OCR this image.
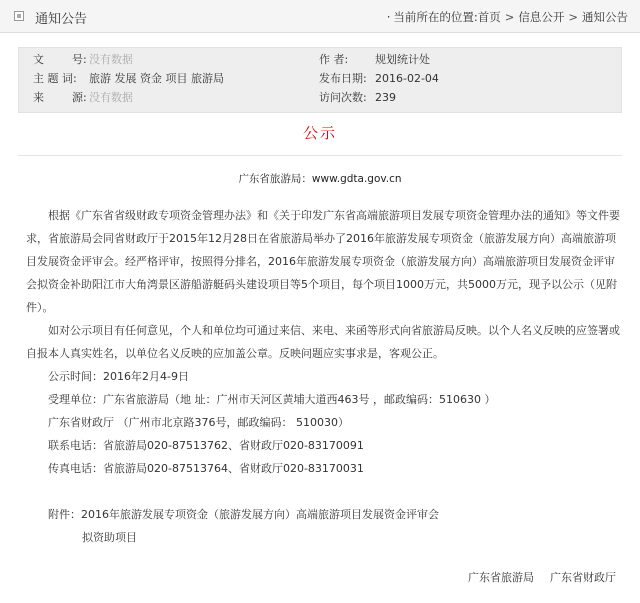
通知公告	· 当前所在的位置:首页 > 信息公开 > 通知公告
文        号: 没有数据	作 者: 规划统计处
主 题 词: 旅游 发展 资金 项目 旅游局	发布日期: 2016-02-04
来        源: 没有数据	访问次数: 239
公示
广东省旅游局：www.gdta.gov.cn

根据《广东省省级财政专项资金管理办法》和《关于印发广东省高端旅游项目发展专项资金管理办法的通知》等文件要求，省旅游局会同省财政厅于2015年12月28日在省旅游局举办了2016年旅游发展专项资金（旅游发展方向）高端旅游项目发展资金评审会。经严格评审，按照得分排名，2016年旅游发展专项资金（旅游发展方向）高端旅游项目发展资金评审会拟资金补助阳江市大角湾景区游船游艇码头建设项目等5个项目，每个项目1000万元，共5000万元，现予以公示（见附件）。

如对公示项目有任何意见，个人和单位均可通过来信、来电、来函等形式向省旅游局反映。以个人名义反映的应签署或自报本人真实姓名，以单位名义反映的应加盖公章。反映问题应实事求是，客观公正。

公示时间：2016年2月4-9日
受理单位：广东省旅游局（地 址：广州市天河区黄埔大道西463号 ，邮政编码：510630 ）
广东省财政厅 （广州市北京路376号，邮政编码： 510030）
联系电话：省旅游局020-87513762、省财政厅020-83170091
传真电话：省旅游局020-87513764、省财政厅020-83170031
附件：2016年旅游发展专项资金（旅游发展方向）高端旅游项目发展资金评审会
拟资助项目
广东省旅游局 广东省财政厅
